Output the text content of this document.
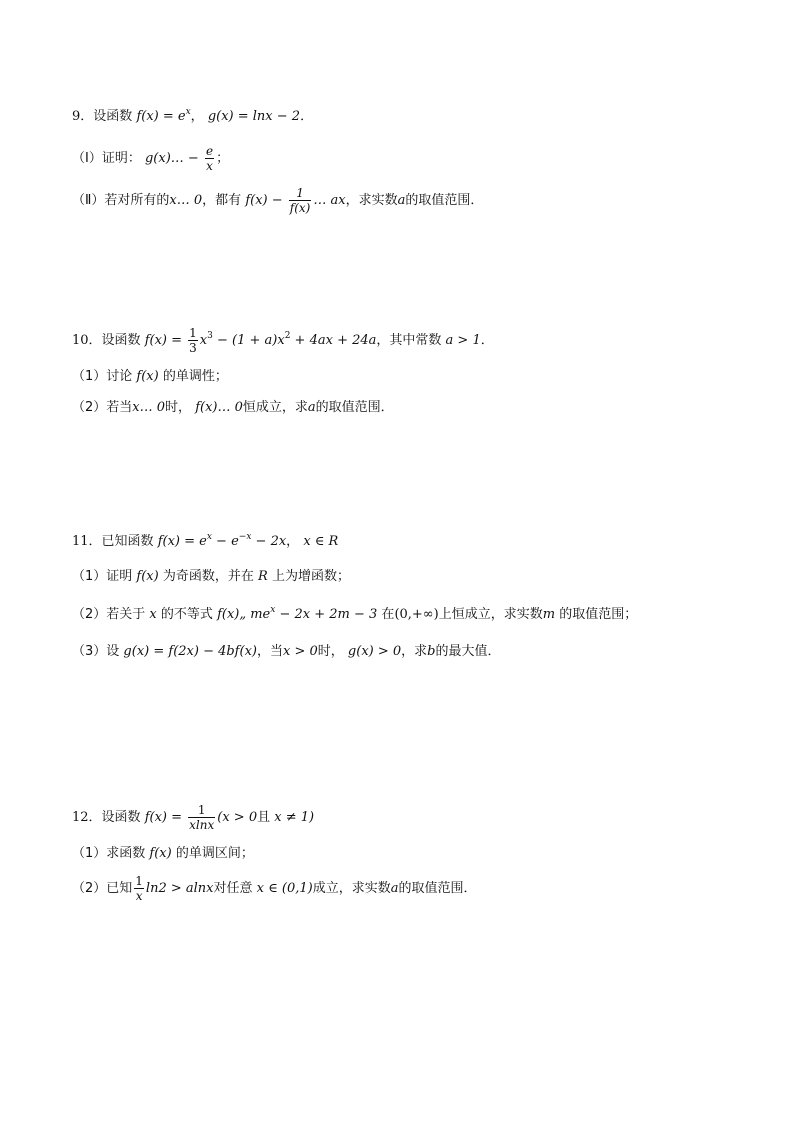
9．设函数 $f(x) = e^x$， g(x) = lnx − 2．
（Ⅰ）证明： g(x)… − $\frac{e}{x}$ ；
（Ⅱ）若对所有的x… 0，都有 $f(x) - \frac{1}{f(x)}$ … ax，求实数a的取值范围．
10．设函数 $f(x) = \frac{1}{3} x^3 - (1 + a)x^2 + 4ax + 24a$，其中常数 a > 1．
（1）讨论 f(x) 的单调性；
（2）若当x… 0时， f(x)… 0恒成立，求a的取值范围．
11．已知函数 $f(x) = e^x - e^{-x} - 2x$， x ∈ R
（1）证明 f(x) 为奇函数，并在 R 上为增函数；
（2）若关于 x 的不等式 f(x)„ $me^x - 2x + 2m - 3$ 在(0,+∞)上恒成立，求实数m 的取值范围；
（3）设 g(x) = f(2x) − 4bf(x)，当x > 0时， g(x) > 0，求b的最大值．
12．设函数 $f(x) = \frac{1}{xlnx} (x > 0$且 x ≠ 1)
（1）求函数 f(x) 的单调区间；
（2）已知 $\frac{1}{x} \ln 2 > alnx$对任意 x ∈ (0,1)成立，求实数a的取值范围．
